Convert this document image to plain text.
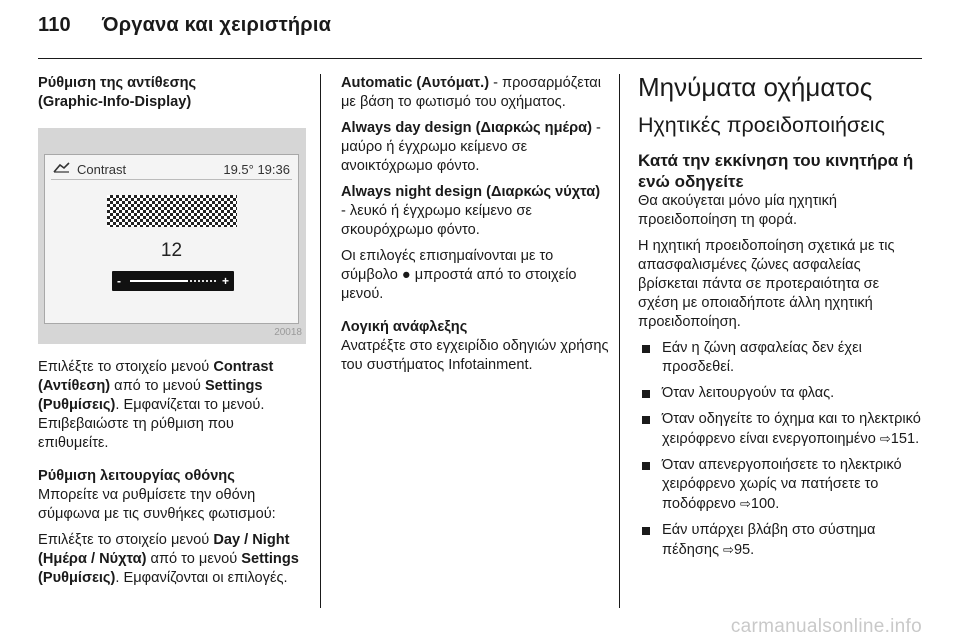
110 Όργανα και χειριστήρια
Ρύθμιση της αντίθεσης
(Graphic-Info-Display)
Contrast	19.5° 19:36
12
-	+
20018

Επιλέξτε το στοιχείο μενού Contrast (Αντίθεση) από το μενού Settings (Ρυθμίσεις). Εμφανίζεται το μενού. Επιβεβαιώστε τη ρύθμιση που επιθυμείτε.

Ρύθμιση λειτουργίας οθόνης

Μπορείτε να ρυθμίσετε την οθόνη σύμφωνα με τις συνθήκες φωτισμού:

Επιλέξτε το στοιχείο μενού Day / Night (Ημέρα / Νύχτα) από το μενού Settings (Ρυθμίσεις). Εμφανίζονται οι επιλογές.

Automatic (Αυτόματ.) - προσαρμόζεται με βάση το φωτισμό του οχήματος.

Always day design (Διαρκώς ημέρα) - μαύρο ή έγχρωμο κείμενο σε ανοικτόχρωμο φόντο.

Always night design (Διαρκώς νύχτα) - λευκό ή έγχρωμο κείμενο σε σκουρόχρωμο φόντο.

Οι επιλογές επισημαίνονται με το σύμβολο ● μπροστά από το στοιχείο μενού.

Λογική ανάφλεξης

Ανατρέξτε στο εγχειρίδιο οδηγιών χρήσης του συστήματος Infotainment.

Μηνύματα οχήματος
Ηχητικές προειδοποιήσεις
Κατά την εκκίνηση του κινητήρα ή ενώ οδηγείτε

Θα ακούγεται μόνο μία ηχητική προειδοποίηση τη φορά.

Η ηχητική προειδοποίηση σχετικά με τις απασφαλισμένες ζώνες ασφαλείας βρίσκεται πάντα σε προτεραιότητα σε σχέση με οποιαδήποτε άλλη ηχητική προειδοποίηση.

Εάν η ζώνη ασφαλείας δεν έχει προσδεθεί.
Όταν λειτουργούν τα φλας.
Όταν οδηγείτε το όχημα και το ηλεκτρικό χειρόφρενο είναι ενεργοποιημένο ⇨151.
Όταν απενεργοποιήσετε το ηλεκτρικό χειρόφρενο χωρίς να πατήσετε το ποδόφρενο ⇨100.
Εάν υπάρχει βλάβη στο σύστημα πέδησης ⇨95.
carmanualsonline.info
